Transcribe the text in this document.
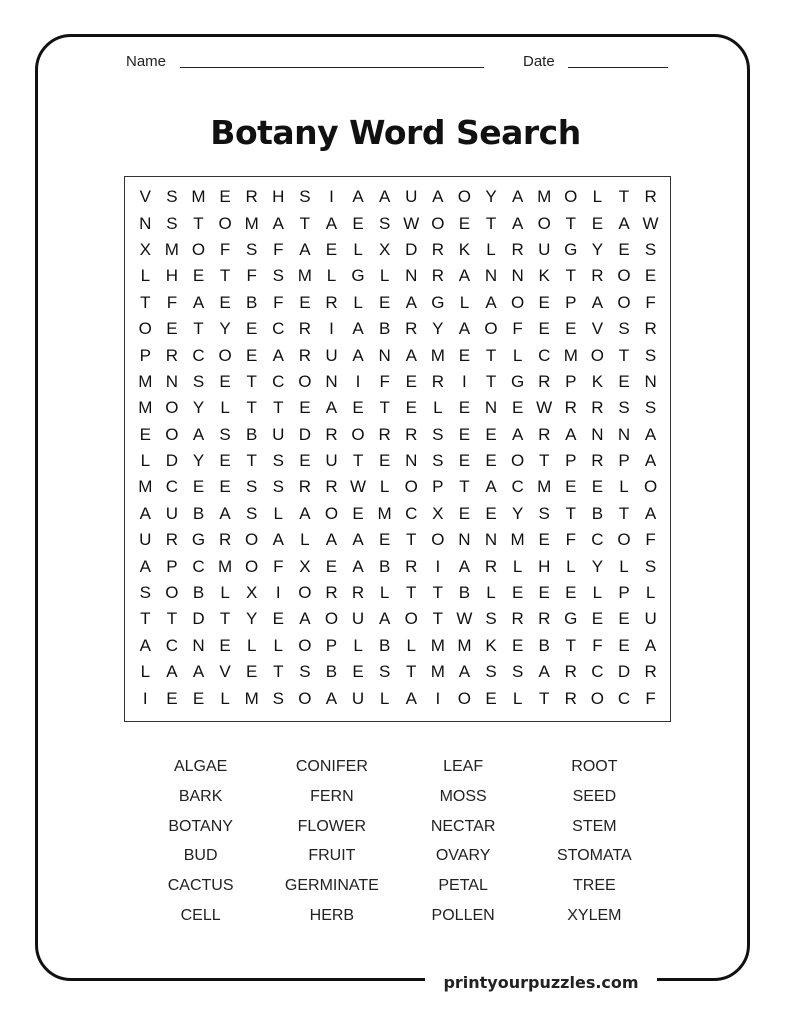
Name	Date
Botany Word Search
V S M E R H S	I	A A U A O Y A M O L T R
N S T O M A T A E S W O E T A O T E A W
X M O F S F A E L X D R K L R U G Y E S
L H E T F S M L G L N R A N N K T R O E
T F A E B F E R L E A G L A O E P A O F
O E T Y E C R	I	A B R Y A O F E E V S R
P R C O E A R U A N A M E T L C M O T S
M N S E T C O N	I	F E R	I	T G R P K E N
M O Y L T T E A E T E L E N E W R R S S
E O A S B U D R O R R S E E A R A N N A
L D Y E T S E U T E N S E E O T P R P A
M C E E S S R R W L O P T A C M E E L O
A U B A S L A O E M C X E E Y S T B T A
U R G R O A L A A E T O N N M E F C O F
A P C M O F X E A B R	I	A R L H L Y L S
S O B L X	I	O R R L T T B L E E E L P L
T T D T Y E A O U A O T W S R R G E E U
A C N E L	L O P L B L M M K E B T F E A
L A A V E T S B E S T M A S S A R C D R
I	E E L M S O A U L A	I	O E L T R O C F
ALGAE	CONIFER	LEAF	ROOT
BARK	FERN	MOSS	SEED
BOTANY	FLOWER	NECTAR	STEM
BUD	FRUIT	OVARY	STOMATA
CACTUS	GERMINATE	PETAL	TREE
CELL	HERB	POLLEN	XYLEM
printyourpuzzles.com
